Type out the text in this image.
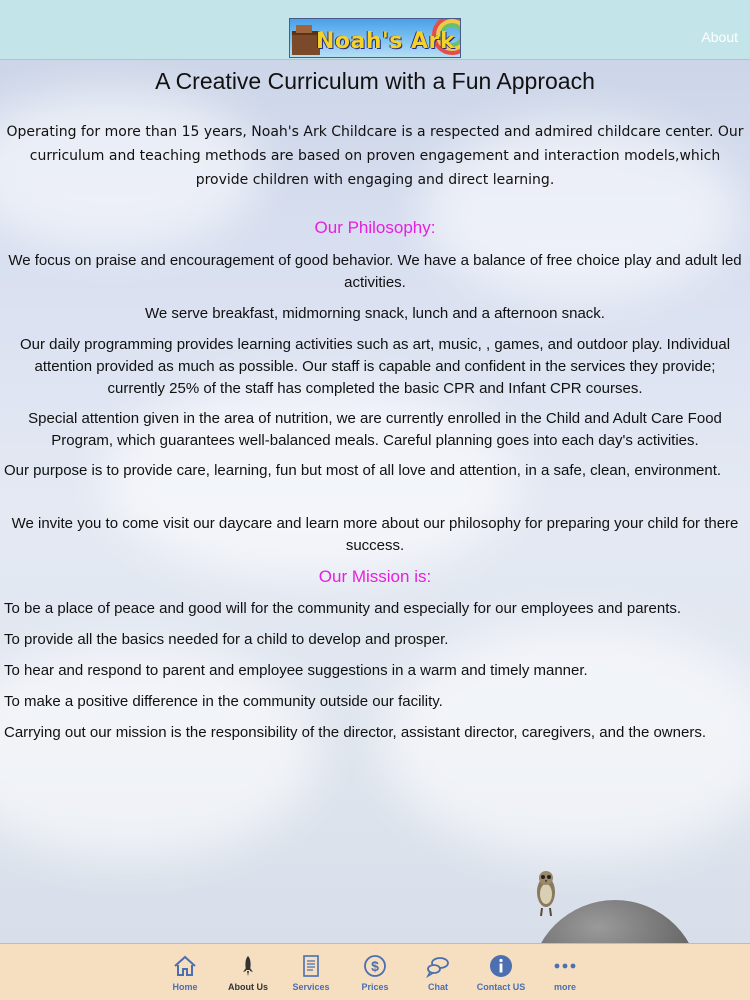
Noah's Ark	About
A Creative Curriculum with a Fun Approach
Operating for more than 15 years, Noah's Ark Childcare is a respected and admired childcare center. Our curriculum and teaching methods are based on proven engagement and interaction models,which provide children with engaging and direct learning.
Our Philosophy:
We focus on praise and encouragement of good behavior. We have a balance of free choice play and adult led activities.
We serve breakfast, midmorning snack, lunch and a afternoon snack.
Our daily programming provides learning activities such as art, music, , games, and outdoor play. Individual attention provided as much as possible. Our staff is capable and confident in the services they provide; currently 25% of the staff has completed the basic CPR and Infant CPR courses.
Special attention given in the area of nutrition, we are currently enrolled in the Child and Adult Care Food Program, which guarantees well-balanced meals. Careful planning goes into each day's activities.
Our purpose is to provide care, learning, fun but most of all love and attention, in a safe, clean, environment.
We invite you to come visit our daycare and learn more about our philosophy for preparing your child for there success.
Our Mission is:
To be a place of peace and good will for the community and especially for our employees and parents.
To provide all the basics needed for a child to develop and prosper.
To hear and respond to parent and employee suggestions in a warm and timely manner.
To make a positive difference in the community outside our facility.
Carrying out our mission is the responsibility of the director, assistant director, caregivers, and the owners.
Home	About Us	Services
$
Prices	Chat	Contact US	more
